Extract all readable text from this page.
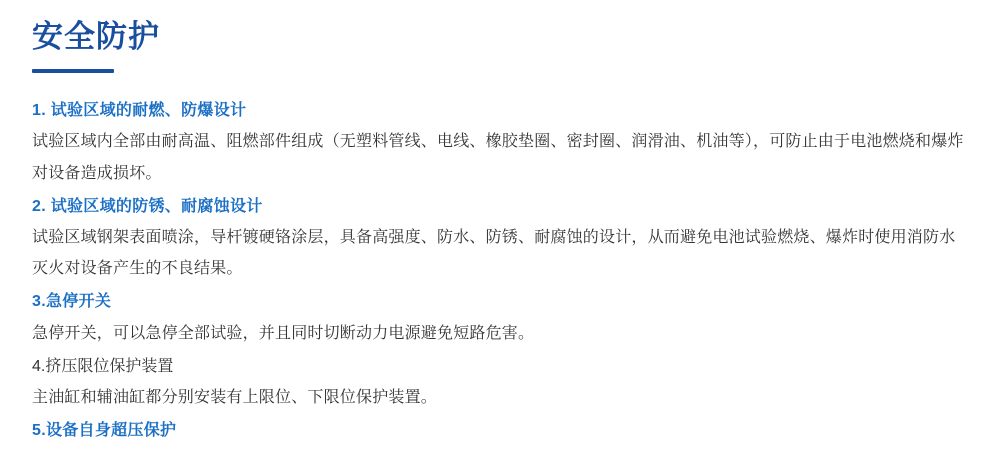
安全防护

1. 试验区域的耐燃、防爆设计

试验区域内全部由耐高温、阻燃部件组成（无塑料管线、电线、橡胶垫圈、密封圈、润滑油、机油等），可防止由于电池燃烧和爆炸对设备造成损坏。

2. 试验区域的防锈、耐腐蚀设计

试验区域钢架表面喷涂，导杆镀硬铬涂层，具备高强度、防水、防锈、耐腐蚀的设计，从而避免电池试验燃烧、爆炸时使用消防水灭火对设备产生的不良结果。

3.急停开关

急停开关，可以急停全部试验，并且同时切断动力电源避免短路危害。

4.挤压限位保护装置

主油缸和辅油缸都分别安装有上限位、下限位保护装置。

5.设备自身超压保护
